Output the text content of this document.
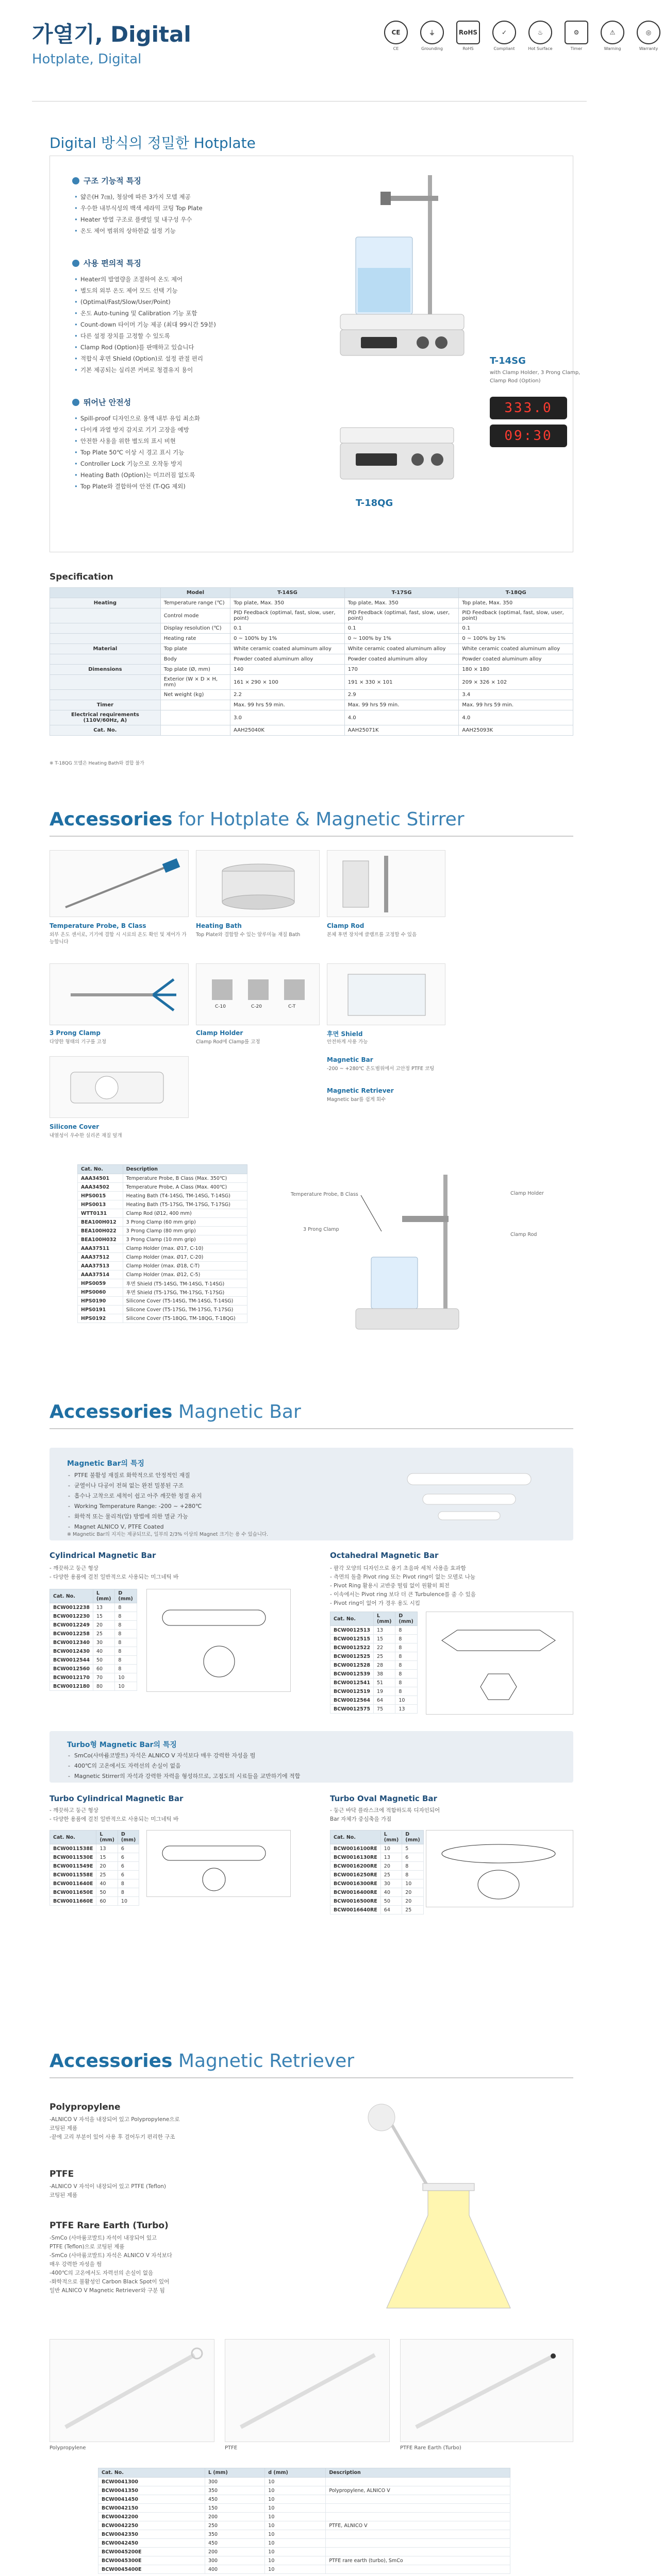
가열기, Digital
Hotplate, Digital
CE
CE
⏚
Grounding
RoHS
RoHS
✓
Compliant
♨
Hot Surface
⚙
Timer
⚠
Warning
◎
Warranty
Digital 방식의 정밀한 Hotplate
구조 기능적 특징
• 얇은(H 7㎝), 청삼에 따른 3가지 모델 제공
• 우수한 내부식성의 백색 세라믹 코팅 Top Plate
• Heater 방열 구조로 플랫일 및 내구성 우수
• 온도 제어 범위의 상하한값 설정 기능
사용 편의적 특징
• Heater의 발열량을 조절하여 온도 제어
• 별도의 외부 온도 제어 모드 선택 기능
• (Optimal/Fast/Slow/User/Point)
• 온도 Auto-tuning 및 Calibration 기능 포함
• Count-down 타이머 기능 제공 (최대 99시간 59분)
• 다른 설정 장치를 고정할 수 있도록
• Clamp Rod (Option)를 판매하고 있습니다
• 적합식 후면 Shield (Option)로 설정 관절 편리
• 기본 제공되는 실리콘 커버로 청결유지 용이
뛰어난 안전성
• Spill-proof 디자인으로 용액 내부 유입 최소화
• 다이캐 과열 방지 감지로 기기 고장을 예방
• 안전한 사용을 위한 별도의 표시 비현
• Top Plate 50℃ 이상 시 경고 표시 기능
• Controller Lock 기능으로 오작동 방지
• Heating Bath (Option)는 미끄러짐 없도록
• Top Plate와 결합하여 안전 (T-QG 제외)
T-14SG
with Clamp Holder, 3 Prong Clamp,
Clamp Rod (Option)
333.0
09:30
T-18QG
Specification
	Model	T-14SG	T-17SG	T-18QG
Heating	Temperature range (℃)	Top plate, Max. 350	Top plate, Max. 350	Top plate, Max. 350
	Control mode	PID Feedback (optimal, fast, slow, user, point)	PID Feedback (optimal, fast, slow, user, point)	PID Feedback (optimal, fast, slow, user, point)
	Display resolution (℃)	0.1	0.1	0.1
	Heating rate	0 ~ 100% by 1%	0 ~ 100% by 1%	0 ~ 100% by 1%
Material	Top plate	White ceramic coated aluminum alloy	White ceramic coated aluminum alloy	White ceramic coated aluminum alloy
	Body	Powder coated aluminum alloy	Powder coated aluminum alloy	Powder coated aluminum alloy
Dimensions	Top plate (Ø, mm)	140	170	180 × 180
	Exterior (W × D × H, mm)	161 × 290 × 100	191 × 330 × 101	209 × 326 × 102
	Net weight (kg)	2.2	2.9	3.4
Timer		Max. 99 hrs 59 min.	Max. 99 hrs 59 min.	Max. 99 hrs 59 min.
Electrical requirements (110V/60Hz, A)		3.0	4.0	4.0
Cat. No.		AAH25040K	AAH25071K	AAH25093K
※ T-18QG 모델은 Heating Bath와 결합 불가
Accessories for Hotplate & Magnetic Stirrer
Temperature Probe, B Class
외부 온도 센서로, 기기에 결합 시 시료의 온도 확인 및 제어가 가능합니다
Heating Bath
Top Plate와 결합할 수 있는 알루미늄 재질 Bath
Clamp Rod
본체 후면 장치에 클램프를 고정할 수 있음
C-10	C-20	C-T
3 Prong Clamp
다양한 형태의 기구를 고정
Clamp Holder
Clamp Rod에 Clamp를 고정
후면 Shield
안전하게 사용 가능
Silicone Cover
내열성이 우수한 실리콘 재질 덮개
Magnetic Bar
-200 ~ +280℃ 온도범위에서 고안정 PTFE 코팅
Magnetic Retriever
Magnetic bar를 쉽게 회수
Cat. No.	Description
AAA34501	Temperature Probe, B Class (Max. 350℃)
AAA34502	Temperature Probe, A Class (Max. 400℃)
HPS0015	Heating Bath (T4-14SG, TM-14SG, T-14SG)
HPS0013	Heating Bath (T5-17SG, TM-17SG, T-17SG)
WTT0131	Clamp Rod (Ø12, 400 mm)
BEA100H012	3 Prong Clamp (60 mm grip)
BEA100H022	3 Prong Clamp (80 mm grip)
BEA100H032	3 Prong Clamp (10 mm grip)
AAA37511	Clamp Holder (max. Ø17, C-10)
AAA37512	Clamp Holder (max. Ø17, C-20)
AAA37513	Clamp Holder (max. Ø18, C-T)
AAA37514	Clamp Holder (max. Ø12, C-5)
HPS0059	후면 Shield (T5-14SG, TM-14SG, T-14SG)
HPS0060	후면 Shield (T5-17SG, TM-17SG, T-17SG)
HPS0190	Silicone Cover (T5-14SG, TM-14SG, T-14SG)
HPS0191	Silicone Cover (T5-17SG, TM-17SG, T-17SG)
HPS0192	Silicone Cover (T5-18QG, TM-18QG, T-18QG)
Temperature Probe, B Class	Clamp Holder
3 Prong Clamp
Clamp Rod
Accessories Magnetic Bar
Magnetic Bar의 특징
- PTFE 불활성 재질로 화학적으로 안정적인 재질
- 균열이나 다공이 전혀 없는 완전 밀봉된 구조
- 흡수나 고착으로 세척이 쉽고 아주 깨끗한 청결 유지
- Working Temperature Range: -200 ~ +280℃
- 화학적 또는 물리적(압) 방법에 의한 멸균 가능
- Magnet ALNICO V, PTFE Coated
※ Magnetic Bar의 지지는 제공되므로, 일부의 2/3% 이상의 Magnet 크기는 용 수 있습니다.
Cylindrical Magnetic Bar
- 깨끗하고 둥근 형상
- 다양한 용품에 걸친 일반적으로 사용되는 미그네틱 바
Cat. No.	L (mm)	D (mm)
BCW0012238	13	8
BCW0012230	15	8
BCW0012249	20	8
BCW0012258	25	8
BCW0012340	30	8
BCW0012430	40	8
BCW0012544	50	8
BCW0012560	60	8
BCW0012170	70	10
BCW0012180	80	10
Octahedral Magnetic Bar
- 팔각 모양의 디자인으로 용기 초음파 세척 사용을 효과함
- 측면의 돌출 Pivot ring 또는 Pivot ring이 없는 모델로 나눔
- Pivot Ring 활용시 교반중 떨림 없이 원활히 회전
- 이속에서는 Pivot ring 보다 더 큰 Turbulence를 줌 수 있음
- Pivot ring이 없어 가 경우 용도 시킴
Cat. No.	L (mm)	D (mm)
BCW0012513	13	8
BCW0012515	15	8
BCW0012522	22	8
BCW0012525	25	8
BCW0012528	28	8
BCW0012539	38	8
BCW0012541	51	8
BCW0012519	19	8
BCW0012564	64	10
BCW0012575	75	13
Turbo형 Magnetic Bar의 특징
- SmCo(사마륨코발트) 자석은 ALNICO V 자석보다 매우 강력한 자성을 띔
- 400℃의 고온에서도 자력선의 손실이 없음
- Magnetic Stirrer의 자석과 강력한 자력을 형성하므로, 고점도의 시료들을 교반하기에 적합
Turbo Cylindrical Magnetic Bar
- 깨끗하고 둥근 형상
- 다양한 용품에 걸친 일반적으로 사용되는 미그네틱 바
Cat. No.	L (mm)	D (mm)
BCW0011538E	13	6
BCW0011530E	15	6
BCW0011549E	20	6
BCW0011558E	25	6
BCW0011640E	40	8
BCW0011650E	50	8
BCW0011660E	60	10
Turbo Oval Magnetic Bar
- 둥근 바닥 플라스크에 적합하도록 디자인되어
Bar 자체가 중심축을 가짐
Cat. No.	L (mm)	D (mm)
BCW0016100RE	10	5
BCW0016130RE	13	6
BCW0016200RE	20	8
BCW0016250RE	25	8
BCW0016300RE	30	10
BCW0016400RE	40	20
BCW0016500RE	50	20
BCW0016640RE	64	25
Accessories Magnetic Retriever
Polypropylene
-ALNICO V 자석을 내장되어 있고 Polypropylene으로
코팅된 제품
-끝에 고리 부분이 있어 사용 후 걸어두기 편리한 구조
PTFE
-ALNICO V 자석이 내장되어 있고 PTFE (Teflon)
코팅된 제품
PTFE Rare Earth (Turbo)
-SmCo (사마륨코발트) 자석이 내장되어 있고
PTFE (Teflon)으로 코팅된 제품
-SmCo (사마륨코발트) 자석은 ALNICO V 자석보다
매우 강력한 자성을 띔
-400℃의 고온에서도 자력선의 손실이 없음
-화학적으로 불활성인 Carbon Black Spot이 있어
일반 ALNICO V Magnetic Retriever와 구분 됨
Polypropylene	PTFE	PTFE Rare Earth (Turbo)
Cat. No.	L (mm)	d (mm)	Description
BCW0041300	300	10	
BCW0041350	350	10	Polypropylene, ALNICO V
BCW0041450	450	10	
BCW0042150	150	10	
BCW0042200	200	10	
BCW0042250	250	10	PTFE, ALNICO V
BCW0042350	350	10	
BCW0042450	450	10	
BCW0045200E	200	10	
BCW0045300E	300	10	PTFE rare earth (turbo), SmCo
BCW0045400E	400	10	
